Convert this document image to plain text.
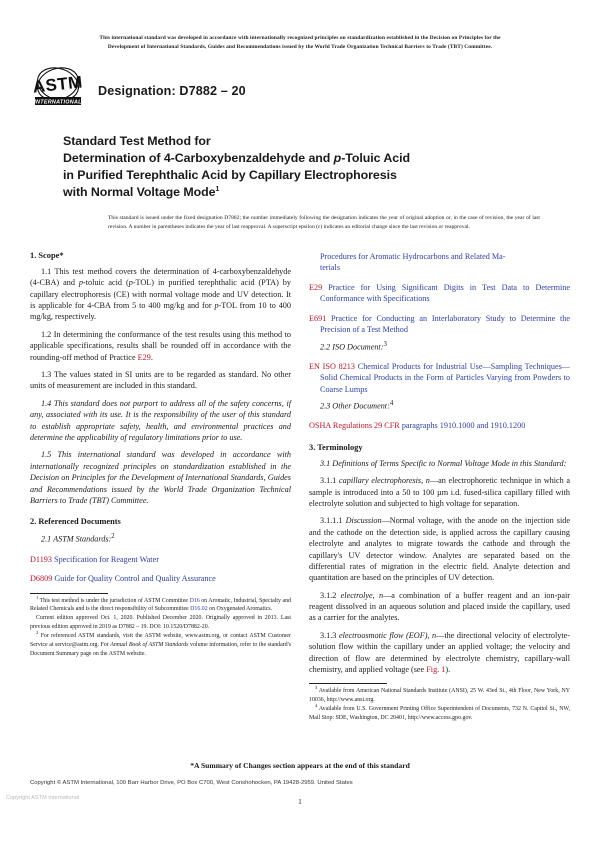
This international standard was developed in accordance with internationally recognized principles on standardization established in the Decision on Principles for the
Development of International Standards, Guides and Recommendations issued by the World Trade Organization Technical Barriers to Trade (TBT) Committee.
ASTM
INTERNATIONAL
Designation: D7882 – 20
Standard Test Method for
Determination of 4-Carboxybenzaldehyde and p-Toluic Acid
in Purified Terephthalic Acid by Capillary Electrophoresis
with Normal Voltage Mode$^1$

This standard is issued under the fixed designation D7882; the number immediately following the designation indicates the year of original adoption or, in the case of revision, the year of last revision. A number in parentheses indicates the year of last reapproval. A superscript epsilon (ε) indicates an editorial change since the last revision or reapproval.

1. Scope*

1.1 This test method covers the determination of 4-carboxybenzaldehyde (4-CBA) and p-toluic acid (p-TOL) in purified terephthalic acid (PTA) by capillary electrophoresis (CE) with normal voltage mode and UV detection. It is applicable for 4-CBA from 5 to 400 mg/kg and for p-TOL from 10 to 400 mg/kg, respectively.

1.2 In determining the conformance of the test results using this method to applicable specifications, results shall be rounded off in accordance with the rounding-off method of Practice E29.

1.3 The values stated in SI units are to be regarded as standard. No other units of measurement are included in this standard.

1.4 This standard does not purport to address all of the safety concerns, if any, associated with its use. It is the responsibility of the user of this standard to establish appropriate safety, health, and environmental practices and determine the applicability of regulatory limitations prior to use.

1.5 This international standard was developed in accordance with internationally recognized principles on standardization established in the Decision on Principles for the Development of International Standards, Guides and Recommendations issued by the World Trade Organization Technical Barriers to Trade (TBT) Committee.

2. Referenced Documents

2.1 ASTM Standards:$^2$

D1193 Specification for Reagent Water

D6809 Guide for Quality Control and Quality Assurance

$^1$ This test method is under the jurisdiction of ASTM Committee D16 on Aromatic, Industrial, Specialty and Related Chemicals and is the direct responsibility of Subcommittee D16.02 on Oxygenated Aromatics.

Current edition approved Oct. 1, 2020. Published December 2020. Originally approved in 2013. Last previous edition approved in 2019 as D7882 – 19. DOI: 10.1520/D7882-20.

$^2$ For referenced ASTM standards, visit the ASTM website, www.astm.org, or contact ASTM Customer Service at service@astm.org. For Annual Book of ASTM Standards volume information, refer to the standard's Document Summary page on the ASTM website.

Procedures for Aromatic Hydrocarbons and Related Ma-

terials

E29 Practice for Using Significant Digits in Test Data to Determine Conformance with Specifications

E691 Practice for Conducting an Interlaboratory Study to Determine the Precision of a Test Method

2.2 ISO Document:$^3$

EN ISO 8213 Chemical Products for Industrial Use—Sampling Techniques—Solid Chemical Products in the Form of Particles Varying from Powders to Coarse Lumps

2.3 Other Document:$^4$

OSHA Regulations 29 CFR paragraphs 1910.1000 and 1910.1200

3. Terminology

3.1 Definitions of Terms Specific to Normal Voltage Mode in this Standard:

3.1.1 capillary electrophoresis, n—an electrophoretic technique in which a sample is introduced into a 50 to 100 µm i.d. fused-silica capillary filled with electrolyte solution and subjected to high voltage for separation.

3.1.1.1 Discussion—Normal voltage, with the anode on the injection side and the cathode on the detection side, is applied across the capillary causing electrolyte and analytes to migrate towards the cathode and through the capillary's UV detector window. Analytes are separated based on the differential rates of migration in the electric field. Analyte detection and quantitation are based on the principles of UV detection.

3.1.2 electrolye, n—a combination of a buffer reagent and an ion-pair reagent dissolved in an aqueous solution and placed inside the capillary, used as a carrier for the analytes.

3.1.3 electroosmotic flow (EOF), n—the directional velocity of electrolyte-solution flow within the capillary under an applied voltage; the velocity and direction of flow are determined by electrolyte chemistry, capillary-wall chemistry, and applied voltage (see Fig. 1).

$^3$ Available from American National Standards Institute (ANSI), 25 W. 43ed St., 4th Floor, New York, NY 10036, http://www.ansi.org.

$^4$ Available from U.S. Government Printing Office Superintendent of Documents, 732 N. Capitol St., NW, Mail Stop: SDE, Washington, DC 20401, http://www.access.gpo.gov.

*A Summary of Changes section appears at the end of this standard
Copyright © ASTM International, 100 Barr Harbor Drive, PO Box C700, West Conshohocken, PA 19428-2959. United States
Copyright ASTM International	1
